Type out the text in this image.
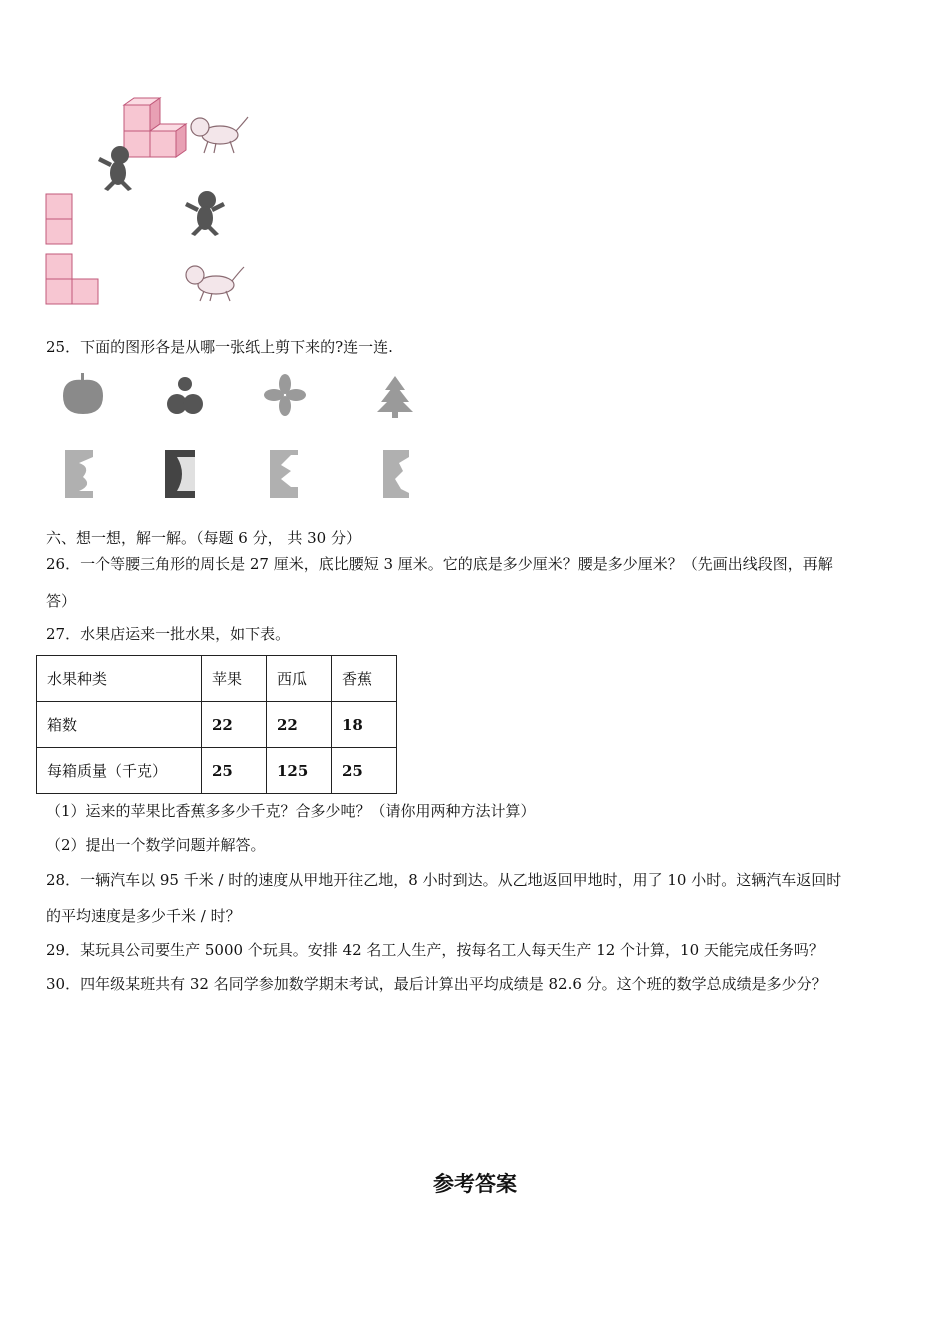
25．下面的图形各是从哪一张纸上剪下来的?连一连.
六、想一想，解一解。（每题 6 分， 共 30 分）
26．一个等腰三角形的周长是 27 厘米，底比腰短 3 厘米。它的底是多少厘米？腰是多少厘米？（先画出线段图，再解
答）
27．水果店运来一批水果，如下表。
水果种类	苹果	西瓜	香蕉
箱数	22	22	18
每箱质量（千克）	25	125	25
（1）运来的苹果比香蕉多多少千克？合多少吨？（请你用两种方法计算）
（2）提出一个数学问题并解答。
28．一辆汽车以 95 千米 / 时的速度从甲地开往乙地，8 小时到达。从乙地返回甲地时，用了 10 小时。这辆汽车返回时
的平均速度是多少千米 / 时？
29．某玩具公司要生产 5000 个玩具。安排 42 名工人生产，按每名工人每天生产 12 个计算，10 天能完成任务吗？
30．四年级某班共有 32 名同学参加数学期末考试，最后计算出平均成绩是 82.6 分。这个班的数学总成绩是多少分？
参考答案
